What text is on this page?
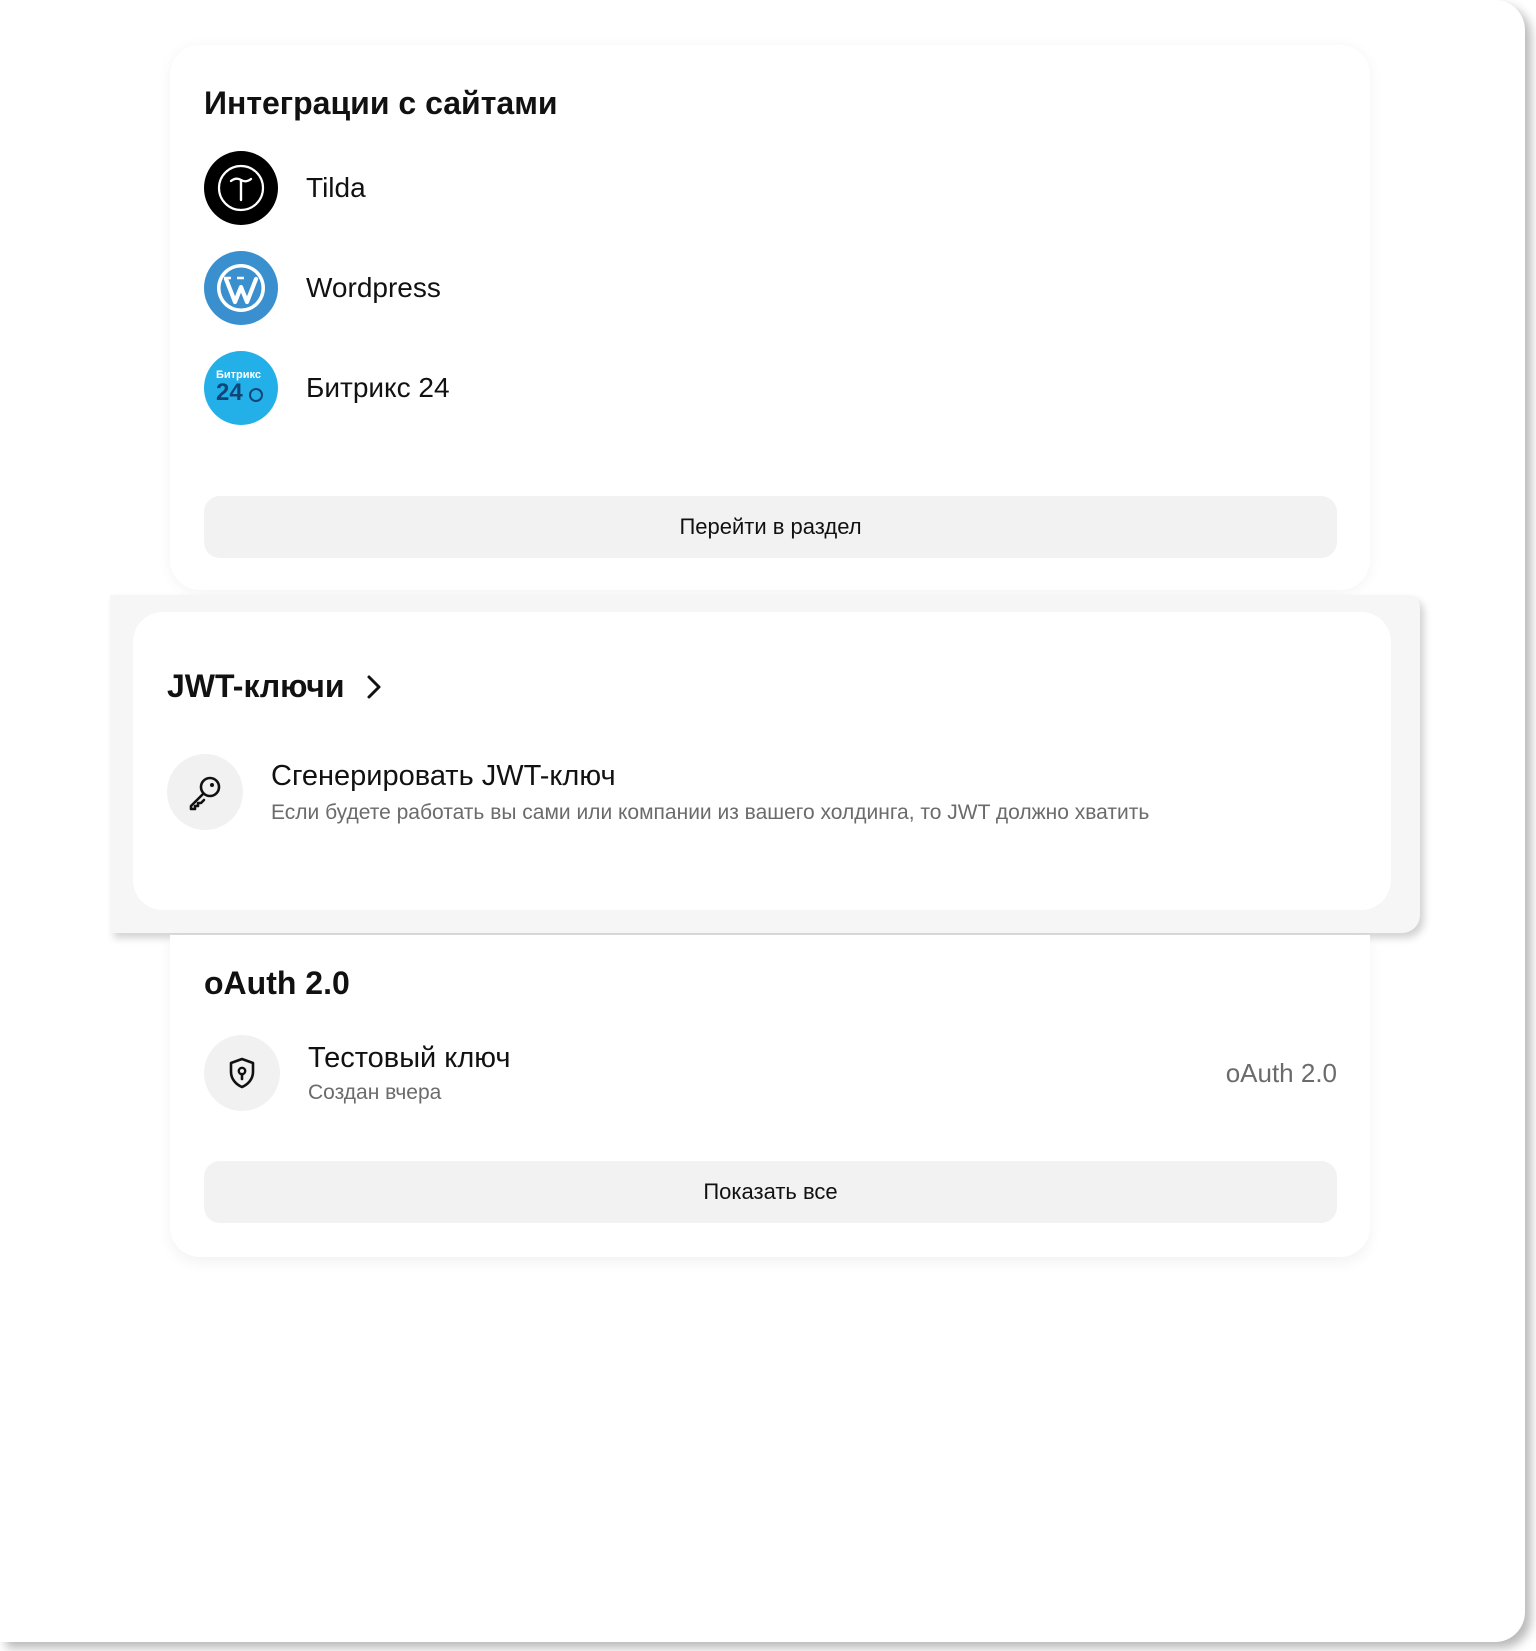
Интеграции с сайтами
Tilda
Wordpress
Битрикс
24 Битрикс 24
Перейти в раздел
JWT-ключи
Сгенерировать JWT-ключ
Если будете работать вы сами или компании из вашего холдинга, то JWT должно хватить
oAuth 2.0
Тестовый ключ
Создан вчера
oAuth 2.0
Показать все
